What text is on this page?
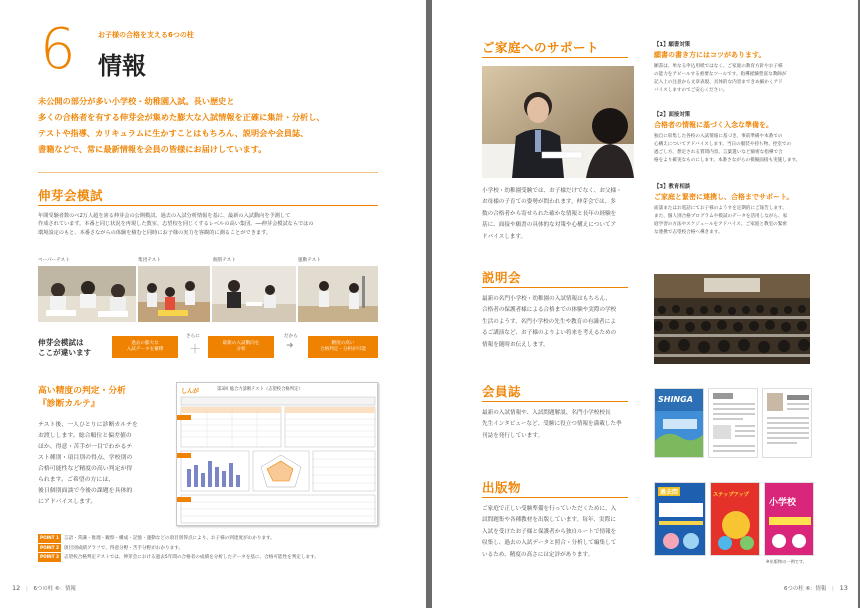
6	お子様の合格を支える6つの柱
情報
未公開の部分が多い小学校・幼稚園入試。長い歴史と
多くの合格者を有する伸芽会が集めた膨大な入試情報を正確に集計・分析し、
テストや指導、カリキュラムに生かすことはもちろん、説明会や会員誌、
書籍などで、常に最新情報を会員の皆様にお届けしています。
伸芽会模試
年間受験者数のべ2万人超を誇る伸芽会の公開模試。過去の入試分析情報を基に、最新の入試動向を予測して
作成されています。本番と同じ状況を再現した教室、志望校を同じくするレベルの高い集団。──伸芽会模試ならではの
環境設定のもと、本番さながらの体験を積むと同時にお子様の実力を客観的に測ることができます。
ペーパーテスト	集団テスト	個別テスト	運動テスト
伸芽会模試は
ここが違います
過去の膨大な
入試データを蓄積
さらに
＋	最新の入試動向を
分析
だから
➜	精度の高い
合格判定・分析が可能
高い精度の判定・分析
『診断カルテ』
テスト後、一人ひとりに診断カルテを
お渡しします。総合順位と偏差値の
ほか、得意・苦手が一目でわかるテ
スト種別・項目別の得点、学校別の
合格可能性など精度の高い判定が得
られます。ご希望の方には、
後日個別面談で今後の課題を具体的
にアドバイスします。
しんが	第3回 総合力診断テスト（志望校合格判定）
POINT 1 言語・常識・推理・観察・構成・記憶・運動などの項目別得点により、お子様の到達度がわかります。
POINT 2 項目別成績グラフで、得意分野・苦手分野がわかります。
POINT 3 志望校合格判定テストでは、伸芽会における過去5年間の合格者の成績を分析したデータを基に、合格可能性を判定します。
12 | 6つの柱 ⑥：情報
ご家庭へのサポート
小学校・幼稚園受験では、お子様だけでなく、お父様・
お母様の子育ての姿勢が問われます。伸芽会では、多
数の合格者から寄せられた確かな情報と長年の経験を
基に、面接や願書の具体的な対策や心構えについてア
ドバイスします。
【1】願書対策
願書の書き方にはコツがあります。
願書は、単なる申込用紙ではなく、ご家庭の教育方針やお子様
の能力をアピールする重要なツールです。指導経験豊富な教師が
記入上の注意から文章表現、具体的な内容まできめ細かくアド
バイスしますのでご安心ください。
【2】面接対策
合格者の情報に基づく入念な準備を。
独自に収集した各校の入試情報に基づき、事前準備や本番での
心構えについてアドバイスします。当日の服装や持ち物、控室での
過ごし方、想定される質問内容、言葉遣いなど綿密な指導で合
格をより確実なものにします。本番さながらの模擬面接も実施します。
【3】教育相談
ご家庭と緊密に連携し、合格までサポート。
面談またはお電話にてお子様のようすを定期的にご報告します。
また、個人別合格プログラムや模試のデータを活用しながら、家
庭学習の方法やスケジュールをアドバイス。ご家庭と教室の緊密
な連携で志望校合格へ導きます。
説明会
最新の名門小学校・幼稚園の入試情報はもちろん、
合格者の保護者様による合格までの体験や実際の学校
生活のようす、名門小学校の先生や教育の有識者によ
るご講演など、お子様のよりよい将来を考えるための
情報を随時お伝えします。
会員誌
最新の入試情報や、入試問題解説、名門小学校校長
先生インタビューなど、受験に役立つ情報を満載した季
刊誌を発行しています。
SHINGA
出版物
ご家庭で正しい受験準備を行っていただくために、入
試問題集や各種教材を出版しています。毎年、実際に
入試を受けたお子様と保護者から独自ルートで情報を
収集し、過去の入試データと照合・分析して編集して
いるため、精度の高さには定評があります。
過去問	ステップアップ
小学校
※出版物の一例です。
6つの柱 ⑥：情報 | 13
